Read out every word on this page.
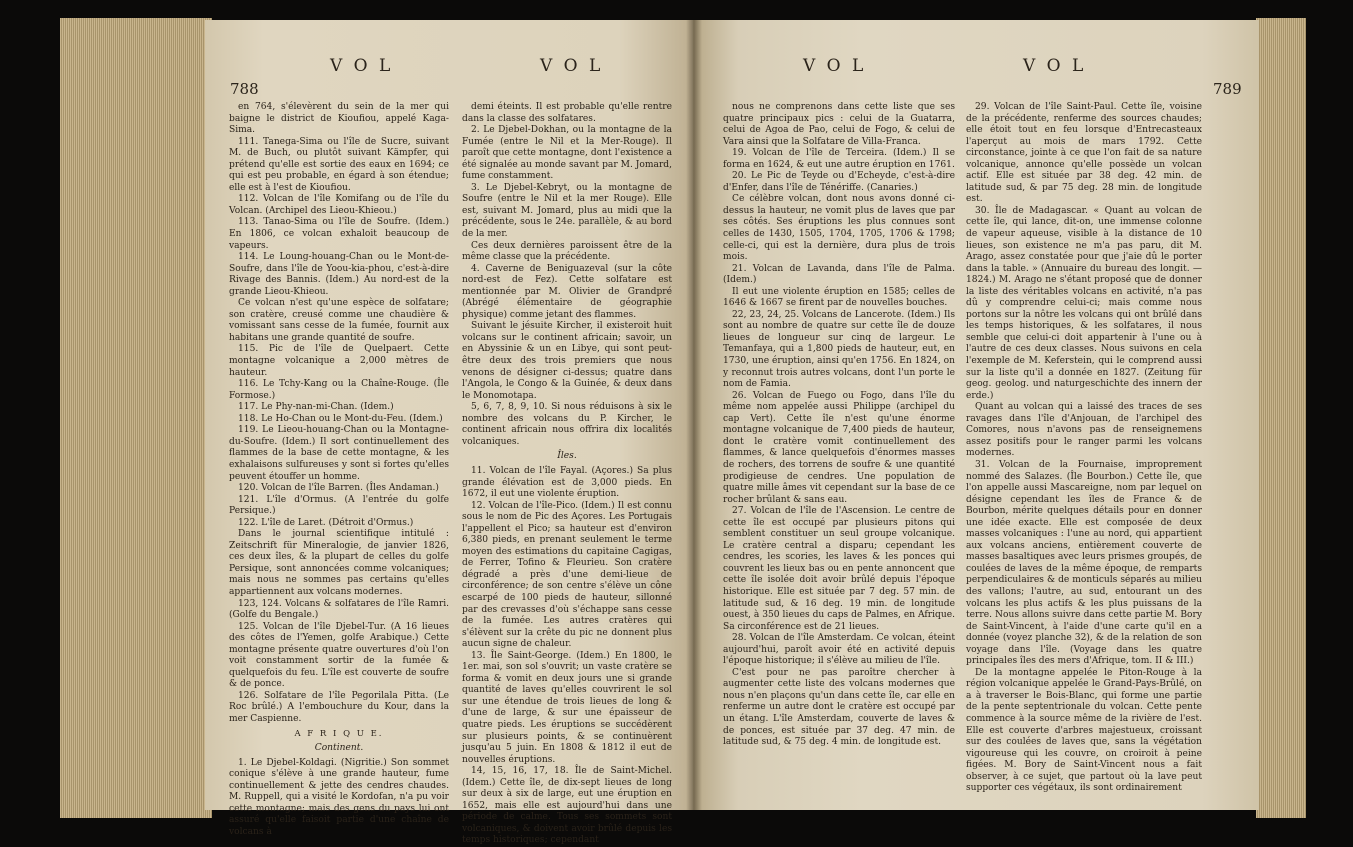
788
V O L	V O L

en 764, s'élevèrent du sein de la mer qui baigne le district de Kioufiou, appelé Kaga-Sima.

111. Tanega-Sima ou l'île de Sucre, suivant M. de Buch, ou plutôt suivant Kämpfer, qui prétend qu'elle est sortie des eaux en 1694; ce qui est peu probable, en égard à son étendue; elle est à l'est de Kioufiou.

112. Volcan de l'île Komifang ou de l'île du Volcan. (Archipel des Lieou-Khieou.)

113. Tanao-Sima ou l'île de Soufre. (Idem.) En 1806, ce volcan exhaloit beaucoup de vapeurs.

114. Le Loung-houang-Chan ou le Mont-de-Soufre, dans l'île de Yoou-kia-phou, c'est-à-dire Rivage des Bannis. (Idem.) Au nord-est de la grande Lieou-Khieou.

Ce volcan n'est qu'une espèce de solfatare; son cratère, creusé comme une chaudière & vomissant sans cesse de la fumée, fournit aux habitans une grande quantité de soufre.

115. Pic de l'île de Quelpaert. Cette montagne volcanique a 2,000 mètres de hauteur.

116. Le Tchy-Kang ou la Chaîne-Rouge. (Île Formose.)

117. Le Phy-nan-mi-Chan. (Idem.)

118. Le Ho-Chan ou le Mont-du-Feu. (Idem.)

119. Le Lieou-houang-Chan ou la Montagne-du-Soufre. (Idem.) Il sort continuellement des flammes de la base de cette montagne, & les exhalaisons sulfureuses y sont si fortes qu'elles peuvent étouffer un homme.

120. Volcan de l'île Barren. (Îles Andaman.)

121. L'île d'Ormus. (A l'entrée du golfe Persique.)

122. L'île de Laret. (Détroit d'Ormus.)

Dans le journal scientifique intitulé : Zeitschrift für Mineralogie, de janvier 1826, ces deux îles, & la plupart de celles du golfe Persique, sont annoncées comme volcaniques; mais nous ne sommes pas certains qu'elles appartiennent aux volcans modernes.

123, 124. Volcans & solfatares de l'île Ramri. (Golfe du Bengale.)

125. Volcan de l'île Djebel-Tur. (A 16 lieues des côtes de l'Yemen, golfe Arabique.) Cette montagne présente quatre ouvertures d'où l'on voit constamment sortir de la fumée & quelquefois du feu. L'île est couverte de soufre & de ponce.

126. Solfatare de l'île Pegorilala Pitta. (Le Roc brûlé.) A l'embouchure du Kour, dans la mer Caspienne.

A F R I Q U E.

Continent.

1. Le Djebel-Koldagi. (Nigritie.) Son sommet conique s'élève à une grande hauteur, fume continuellement & jette des cendres chaudes. M. Ruppell, qui a visité le Kordofan, n'a pu voir cette montagne; mais des gens du pays lui ont assuré qu'elle faisoit partie d'une chaîne de volcans à

demi éteints. Il est probable qu'elle rentre dans la classe des solfatares.

2. Le Djebel-Dokhan, ou la montagne de la Fumée (entre le Nil et la Mer-Rouge). Il paroît que cette montagne, dont l'existence a été signalée au monde savant par M. Jomard, fume constamment.

3. Le Djebel-Kebryt, ou la montagne de Soufre (entre le Nil et la mer Rouge). Elle est, suivant M. Jomard, plus au midi que la précédente, sous le 24e. parallèle, & au bord de la mer.

Ces deux dernières paroissent être de la même classe que la précédente.

4. Caverne de Beniguazeval (sur la côte nord-est de Fez). Cette solfatare est mentionnée par M. Olivier de Grandpré (Abrégé élémentaire de géographie physique) comme jetant des flammes.

Suivant le jésuite Kircher, il existeroit huit volcans sur le continent africain; savoir, un en Abyssinie & un en Libye, qui sont peut-être deux des trois premiers que nous venons de désigner ci-dessus; quatre dans l'Angola, le Congo & la Guinée, & deux dans le Monomotapa.

5, 6, 7, 8, 9, 10. Si nous réduisons à six le nombre des volcans du P. Kircher, le continent africain nous offrira dix localités volcaniques.

Îles.

11. Volcan de l'île Fayal. (Açores.) Sa plus grande élévation est de 3,000 pieds. En 1672, il eut une violente éruption.

12. Volcan de l'île-Pico. (Idem.) Il est connu sous le nom de Pic des Açores. Les Portugais l'appellent el Pico; sa hauteur est d'environ 6,380 pieds, en prenant seulement le terme moyen des estimations du capitaine Cagigas, de Ferrer, Tofino & Fleurieu. Son cratère dégradé a près d'une demi-lieue de circonférence; de son centre s'élève un cône escarpé de 100 pieds de hauteur, sillonné par des crevasses d'où s'échappe sans cesse de la fumée. Les autres cratères qui s'élèvent sur la crête du pic ne donnent plus aucun signe de chaleur.

13. Île Saint-George. (Idem.) En 1800, le 1er. mai, son sol s'ouvrit; un vaste cratère se forma & vomit en deux jours une si grande quantité de laves qu'elles couvrirent le sol sur une étendue de trois lieues de long & d'une de large, & sur une épaisseur de quatre pieds. Les éruptions se succédèrent sur plusieurs points, & se continuèrent jusqu'au 5 juin. En 1808 & 1812 il eut de nouvelles éruptions.

14, 15, 16, 17, 18. Île de Saint-Michel. (Idem.) Cette île, de dix-sept lieues de long sur deux à six de large, eut une éruption en 1652, mais elle est aujourd'hui dans une période de calme. Tous ses sommets sont volcaniques, & doivent avoir brûlé depuis les temps historiques; cependant

V O L	V O L
789

nous ne comprenons dans cette liste que ses quatre principaux pics : celui de la Guatarra, celui de Agoa de Pao, celui de Fogo, & celui de Vara ainsi que la Solfatare de Villa-Franca.

19. Volcan de l'île de Terceira. (Idem.) Il se forma en 1624, & eut une autre éruption en 1761.

20. Le Pic de Teyde ou d'Echeyde, c'est-à-dire d'Enfer, dans l'île de Ténériffe. (Canaries.)

Ce célèbre volcan, dont nous avons donné ci-dessus la hauteur, ne vomit plus de laves que par ses côtés. Ses éruptions les plus connues sont celles de 1430, 1505, 1704, 1705, 1706 & 1798; celle-ci, qui est la dernière, dura plus de trois mois.

21. Volcan de Lavanda, dans l'île de Palma. (Idem.)

Il eut une violente éruption en 1585; celles de 1646 & 1667 se firent par de nouvelles bouches.

22, 23, 24, 25. Volcans de Lancerote. (Idem.) Ils sont au nombre de quatre sur cette île de douze lieues de longueur sur cinq de largeur. Le Temanfaya, qui a 1,800 pieds de hauteur, eut, en 1730, une éruption, ainsi qu'en 1756. En 1824, on y reconnut trois autres volcans, dont l'un porte le nom de Famia.

26. Volcan de Fuego ou Fogo, dans l'île du même nom appelée aussi Philippe (archipel du cap Vert). Cette île n'est qu'une énorme montagne volcanique de 7,400 pieds de hauteur, dont le cratère vomit continuellement des flammes, & lance quelquefois d'énormes masses de rochers, des torrens de soufre & une quantité prodigieuse de cendres. Une population de quatre mille âmes vit cependant sur la base de ce rocher brûlant & sans eau.

27. Volcan de l'île de l'Ascension. Le centre de cette île est occupé par plusieurs pitons qui semblent constituer un seul groupe volcanique. Le cratère central a disparu; cependant les cendres, les scories, les laves & les ponces qui couvrent les lieux bas ou en pente annoncent que cette île isolée doit avoir brûlé depuis l'époque historique. Elle est située par 7 deg. 57 min. de latitude sud, & 16 deg. 19 min. de longitude ouest, à 350 lieues du caps de Palmes, en Afrique. Sa circonférence est de 21 lieues.

28. Volcan de l'île Amsterdam. Ce volcan, éteint aujourd'hui, paroît avoir été en activité depuis l'époque historique; il s'élève au milieu de l'île.

C'est pour ne pas paroître chercher à augmenter cette liste des volcans modernes que nous n'en plaçons qu'un dans cette île, car elle en renferme un autre dont le cratère est occupé par un étang. L'île Amsterdam, couverte de laves & de ponces, est située par 37 deg. 47 min. de latitude sud, & 75 deg. 4 min. de longitude est.

29. Volcan de l'île Saint-Paul. Cette île, voisine de la précédente, renferme des sources chaudes; elle étoit tout en feu lorsque d'Entrecasteaux l'aperçut au mois de mars 1792. Cette circonstance, jointe à ce que l'on fait de sa nature volcanique, annonce qu'elle possède un volcan actif. Elle est située par 38 deg. 42 min. de latitude sud, & par 75 deg. 28 min. de longitude est.

30. Île de Madagascar. « Quant au volcan de cette île, qui lance, dit-on, une immense colonne de vapeur aqueuse, visible à la distance de 10 lieues, son existence ne m'a pas paru, dit M. Arago, assez constatée pour que j'aie dû le porter dans la table. » (Annuaire du bureau des longit. — 1824.) M. Arago ne s'étant proposé que de donner la liste des véritables volcans en activité, n'a pas dû y comprendre celui-ci; mais comme nous portons sur la nôtre les volcans qui ont brûlé dans les temps historiques, & les solfatares, il nous semble que celui-ci doit appartenir à l'une ou à l'autre de ces deux classes. Nous suivons en cela l'exemple de M. Keferstein, qui le comprend aussi sur la liste qu'il a donnée en 1827. (Zeitung für geog. geolog. und naturgeschichte des innern der erde.)

Quant au volcan qui a laissé des traces de ses ravages dans l'île d'Anjouan, de l'archipel des Comores, nous n'avons pas de renseignemens assez positifs pour le ranger parmi les volcans modernes.

31. Volcan de la Fournaise, improprement nommé des Salazes. (Île Bourbon.) Cette île, que l'on appelle aussi Mascareigne, nom par lequel on désigne cependant les îles de France & de Bourbon, mérite quelques détails pour en donner une idée exacte. Elle est composée de deux masses volcaniques : l'une au nord, qui appartient aux volcans anciens, entièrement couverte de masses basaltiques avec leurs prismes groupés, de coulées de laves de la même époque, de remparts perpendiculaires & de monticuls séparés au milieu des vallons; l'autre, au sud, entourant un des volcans les plus actifs & les plus puissans de la terre. Nous allons suivre dans cette partie M. Bory de Saint-Vincent, à l'aide d'une carte qu'il en a donnée (voyez planche 32), & de la relation de son voyage dans l'île. (Voyage dans les quatre principales îles des mers d'Afrique, tom. II & III.)

De la montagne appelée le Piton-Rouge à la région volcanique appelée le Grand-Pays-Brûlé, on a à traverser le Bois-Blanc, qui forme une partie de la pente septentrionale du volcan. Cette pente commence à la source même de la rivière de l'est. Elle est couverte d'arbres majestueux, croissant sur des coulées de laves que, sans la végétation vigoureuse qui les couvre, on croiroit à peine figées. M. Bory de Saint-Vincent nous a fait observer, à ce sujet, que partout où la lave peut supporter ces végétaux, ils sont ordinairement
